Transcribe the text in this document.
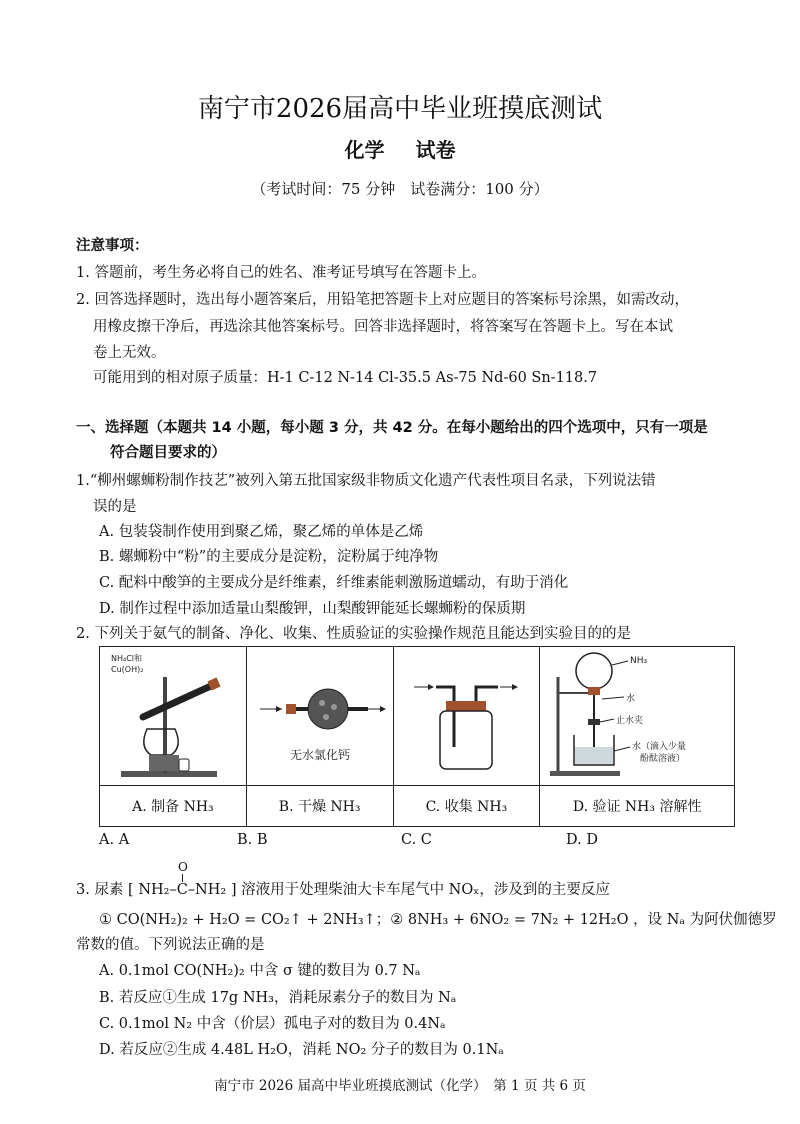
南宁市2026届高中毕业班摸底测试
化学 试卷
（考试时间：75 分钟　试卷满分：100 分）
注意事项：
1. 答题前，考生务必将自己的姓名、准考证号填写在答题卡上。
2. 回答选择题时，选出每小题答案后，用铅笔把答题卡上对应题目的答案标号涂黑，如需改动，
用橡皮擦干净后，再选涂其他答案标号。回答非选择题时，将答案写在答题卡上。写在本试
卷上无效。
可能用到的相对原子质量：H-1 C-12 N-14 Cl-35.5 As-75 Nd-60 Sn-118.7
一、选择题（本题共 14 小题，每小题 3 分，共 42 分。在每小题给出的四个选项中，只有一项是
符合题目要求的）
1.“柳州螺蛳粉制作技艺”被列入第五批国家级非物质文化遗产代表性项目名录，下列说法错
误的是
A. 包装袋制作使用到聚乙烯，聚乙烯的单体是乙烯
B. 螺蛳粉中“粉”的主要成分是淀粉，淀粉属于纯净物
C. 配料中酸笋的主要成分是纤维素，纤维素能刺激肠道蠕动，有助于消化
D. 制作过程中添加适量山梨酸钾，山梨酸钾能延长螺蛳粉的保质期
2. 下列关于氨气的制备、净化、收集、性质验证的实验操作规范且能达到实验目的的是
NH₄Cl和
Cu(OH)₂	无水氯化钙		NH₃
水
止水夹
水（滴入少量
酚酞溶液）

A. 制备 NH₃	B. 干燥 NH₃	C. 收集 NH₃	D. 验证 NH₃ 溶解性
A. A	B. B	C. C	D. D
O
3. 尿素 [ NH₂–C–NH₂ ] 溶液用于处理柴油大卡车尾气中 NOₓ，涉及到的主要反应
① CO(NH₂)₂ + H₂O = CO₂↑ + 2NH₃↑；② 8NH₃ + 6NO₂ = 7N₂ + 12H₂O ，设 Nₐ 为阿伏伽德罗
常数的值。下列说法正确的是
A. 0.1mol CO(NH₂)₂ 中含 σ 键的数目为 0.7 Nₐ
B. 若反应①生成 17g NH₃，消耗尿素分子的数目为 Nₐ
C. 0.1mol N₂ 中含（价层）孤电子对的数目为 0.4Nₐ
D. 若反应②生成 4.48L H₂O，消耗 NO₂ 分子的数目为 0.1Nₐ
南宁市 2026 届高中毕业班摸底测试（化学）　第 1 页 共 6 页
